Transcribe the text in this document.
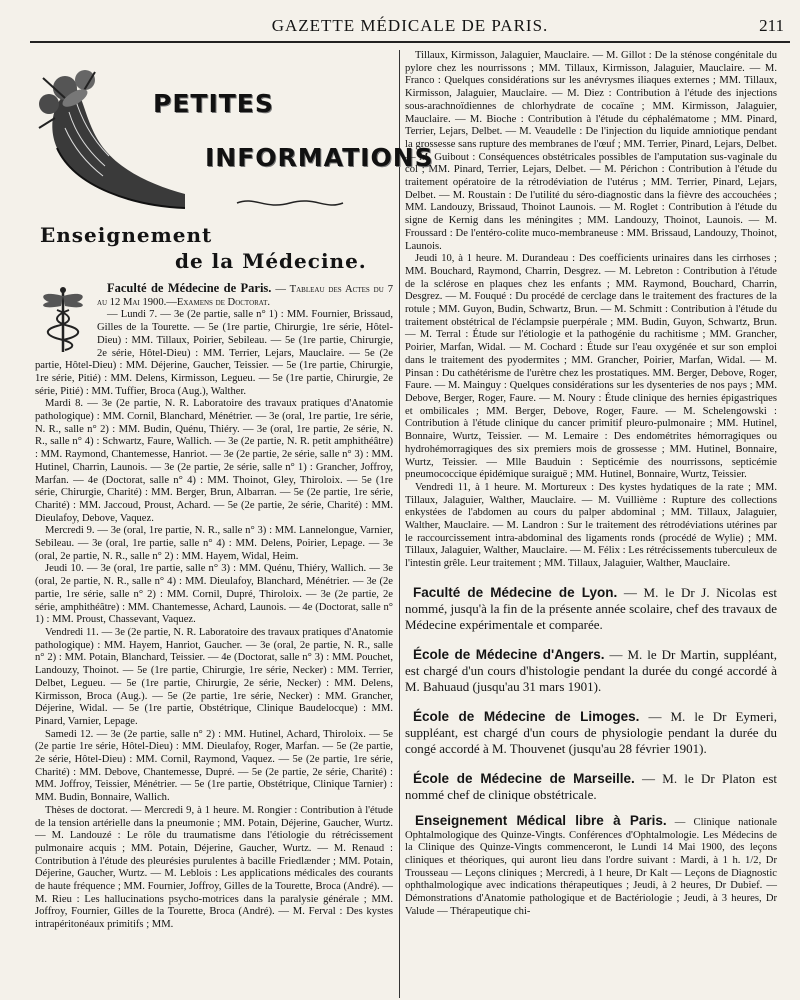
GAZETTE MÉDICALE DE PARIS.	211
PETITES
INFORMATIONS
Enseignement
de la Médecine.

Faculté de Médecine de Paris. — Tableau des Actes du 7 au 12 Mai 1900.—Examens de Doctorat.

— Lundi 7. — 3e (2e partie, salle n° 1) : MM. Fournier, Brissaud, Gilles de la Tourette. — 5e (1re partie, Chirurgie, 1re série, Hôtel-Dieu) : MM. Tillaux, Poirier, Sebileau. — 5e (1re partie, Chirurgie, 2e série, Hôtel-Dieu) : MM. Terrier, Lejars, Mauclaire. — 5e (2e partie, Hôtel-Dieu) : MM. Déjerine, Gaucher, Teissier. — 5e (1re partie, Chirurgie, 1re série, Pitié) : MM. Delens, Kirmisson, Legueu. — 5e (1re partie, Chirurgie, 2e série, Pitié) : MM. Tuffier, Broca (Aug.), Walther.

Mardi 8. — 3e (2e partie, N. R. Laboratoire des travaux pratiques d'Anatomie pathologique) : MM. Cornil, Blanchard, Ménétrier. — 3e (oral, 1re partie, 1re série, N. R., salle n° 2) : MM. Budin, Quénu, Thiéry. — 3e (oral, 1re partie, 2e série, N. R., salle n° 4) : Schwartz, Faure, Wallich. — 3e (2e partie, N. R. petit amphithéâtre) : MM. Raymond, Chantemesse, Hanriot. — 3e (2e partie, 2e série, salle n° 3) : MM. Hutinel, Charrin, Launois. — 3e (2e partie, 2e série, salle n° 1) : Grancher, Joffroy, Marfan. — 4e (Doctorat, salle n° 4) : MM. Thoinot, Gley, Thiroloix. — 5e (1re série, Chirurgie, Charité) : MM. Berger, Brun, Albarran. — 5e (2e partie, 1re série, Charité) : MM. Jaccoud, Proust, Achard. — 5e (2e partie, 2e série, Charité) : MM. Dieulafoy, Debove, Vaquez.

Mercredi 9. — 3e (oral, 1re partie, N. R., salle n° 3) : MM. Lannelongue, Varnier, Sebileau. — 3e (oral, 1re partie, salle n° 4) : MM. Delens, Poirier, Lepage. — 3e (oral, 2e partie, N. R., salle n° 2) : MM. Hayem, Widal, Heim.

Jeudi 10. — 3e (oral, 1re partie, salle n° 3) : MM. Quénu, Thiéry, Wallich. — 3e (oral, 2e partie, N. R., salle n° 4) : MM. Dieulafoy, Blanchard, Ménétrier. — 3e (2e partie, 1re série, salle n° 2) : MM. Cornil, Dupré, Thiroloix. — 3e (2e partie, 2e série, amphithéâtre) : MM. Chantemesse, Achard, Launois. — 4e (Doctorat, salle n° 1) : MM. Proust, Chassevant, Vaquez.

Vendredi 11. — 3e (2e partie, N. R. Laboratoire des travaux pratiques d'Anatomie pathologique) : MM. Hayem, Hanriot, Gaucher. — 3e (oral, 2e partie, N. R., salle n° 2) : MM. Potain, Blanchard, Teissier. — 4e (Doctorat, salle n° 3) : MM. Pouchet, Landouzy, Thoinot. — 5e (1re partie, Chirurgie, 1re série, Necker) : MM. Terrier, Delbet, Legueu. — 5e (1re partie, Chirurgie, 2e série, Necker) : MM. Delens, Kirmisson, Broca (Aug.). — 5e (2e partie, 1re série, Necker) : MM. Grancher, Déjerine, Widal. — 5e (1re partie, Obstétrique, Clinique Baudelocque) : MM. Pinard, Varnier, Lepage.

Samedi 12. — 3e (2e partie, salle n° 2) : MM. Hutinel, Achard, Thiroloix. — 5e (2e partie 1re série, Hôtel-Dieu) : MM. Dieulafoy, Roger, Marfan. — 5e (2e partie, 2e série, Hôtel-Dieu) : MM. Cornil, Raymond, Vaquez. — 5e (2e partie, 1re série, Charité) : MM. Debove, Chantemesse, Dupré. — 5e (2e partie, 2e série, Charité) : MM. Joffroy, Teissier, Ménétrier. — 5e (1re partie, Obstétrique, Clinique Tarnier) : MM. Budin, Bonnaire, Wallich.

Thèses de doctorat. — Mercredi 9, à 1 heure. M. Rongier : Contribution à l'étude de la tension artérielle dans la pneumonie ; MM. Potain, Déjerine, Gaucher, Wurtz. — M. Landouzé : Le rôle du traumatisme dans l'étiologie du rétrécissement pulmonaire acquis ; MM. Potain, Déjerine, Gaucher, Wurtz. — M. Renaud : Contribution à l'étude des pleurésies purulentes à bacille Friedlænder ; MM. Potain, Déjerine, Gaucher, Wurtz. — M. Leblois : Les applications médicales des courants de haute fréquence ; MM. Fournier, Joffroy, Gilles de la Tourette, Broca (André). — M. Rieu : Les hallucinations psycho-motrices dans la paralysie générale ; MM. Joffroy, Fournier, Gilles de la Tourette, Broca (André). — M. Ferval : Des kystes intrapéritonéaux primitifs ; MM.

Tillaux, Kirmisson, Jalaguier, Mauclaire. — M. Gillot : De la sténose congénitale du pylore chez les nourrissons ; MM. Tillaux, Kirmisson, Jalaguier, Mauclaire. — M. Franco : Quelques considérations sur les anévrysmes iliaques externes ; MM. Tillaux, Kirmisson, Jalaguier, Mauclaire. — M. Diez : Contribution à l'étude des injections sous-arachnoïdiennes de chlorhydrate de cocaïne ; MM. Kirmisson, Jalaguier, Mauclaire. — M. Bioche : Contribution à l'étude du céphalématome ; MM. Pinard, Terrier, Lejars, Delbet. — M. Veaudelle : De l'injection du liquide amniotique pendant la grossesse sans rupture des membranes de l'œuf ; MM. Terrier, Pinard, Lejars, Delbet. — M. Guibout : Conséquences obstétricales possibles de l'amputation sus-vaginale du col ; MM. Pinard, Terrier, Lejars, Delbet. — M. Périchon : Contribution à l'étude du traitement opératoire de la rétrodéviation de l'utérus ; MM. Terrier, Pinard, Lejars, Delbet. — M. Roustain : De l'utilité du séro-diagnostic dans la fièvre des accouchées ; MM. Landouzy, Brissaud, Thoinot Launois. — M. Roglet : Contribution à l'étude du signe de Kernig dans les méningites ; MM. Landouzy, Thoinot, Launois. — M. Froussard : De l'entéro-colite muco-membraneuse : MM. Brissaud, Landouzy, Thoinot, Launois.

Jeudi 10, à 1 heure. M. Durandeau : Des coefficients urinaires dans les cirrhoses ; MM. Bouchard, Raymond, Charrin, Desgrez. — M. Lebreton : Contribution à l'étude de la sclérose en plaques chez les enfants ; MM. Raymond, Bouchard, Charrin, Desgrez. — M. Fouqué : Du procédé de cerclage dans le traitement des fractures de la rotule ; MM. Guyon, Budin, Schwartz, Brun. — M. Schmitt : Contribution à l'étude du traitement obstétrical de l'éclampsie puerpérale ; MM. Budin, Guyon, Schwartz, Brun. — M. Terral : Étude sur l'étiologie et la pathogénie du rachitisme ; MM. Grancher, Poirier, Marfan, Widal. — M. Cochard : Étude sur l'eau oxygénée et sur son emploi dans le traitement des pyodermites ; MM. Grancher, Poirier, Marfan, Widal. — M. Pinsan : Du cathétérisme de l'urètre chez les prostatiques. MM. Berger, Debove, Roger, Faure. — M. Mainguy : Quelques considérations sur les dysenteries de nos pays ; MM. Debove, Berger, Roger, Faure. — M. Noury : Étude clinique des hernies épigastriques et ombilicales ; MM. Berger, Debove, Roger, Faure. — M. Schelengowski : Contribution à l'étude clinique du cancer primitif pleuro-pulmonaire ; MM. Hutinel, Bonnaire, Wurtz, Teissier. — M. Lemaire : Des endométrites hémorragiques ou hydrohémorragiques des six premiers mois de grossesse ; MM. Hutinel, Bonnaire, Wurtz, Teissier. — Mlle Bauduin : Septicémie des nourrissons, septicémie pneumococcique épidémique suraiguë ; MM. Hutinel, Bonnaire, Wurtz, Teissier.

Vendredi 11, à 1 heure. M. Mortureux : Des kystes hydatiques de la rate ; MM. Tillaux, Jalaguier, Walther, Mauclaire. — M. Vuillième : Rupture des collections enkystées de l'abdomen au cours du palper abdominal ; MM. Tillaux, Jalaguier, Walther, Mauclaire. — M. Landron : Sur le traitement des rétrodéviations utérines par le raccourcissement intra-abdominal des ligaments ronds (procédé de Wylie) ; MM. Tillaux, Jalaguier, Walther, Mauclaire. — M. Félix : Les rétrécissements tuberculeux de l'intestin grêle. Leur traitement ; MM. Tillaux, Jalaguier, Walther, Mauclaire.

Faculté de Médecine de Lyon. — M. le Dr J. Nicolas est nommé, jusqu'à la fin de la présente année scolaire, chef des travaux de Médecine expérimentale et comparée.

École de Médecine d'Angers. — M. le Dr Martin, suppléant, est chargé d'un cours d'histologie pendant la durée du congé accordé à M. Bahuaud (jusqu'au 31 mars 1901).

École de Médecine de Limoges. — M. le Dr Eymeri, suppléant, est chargé d'un cours de physiologie pendant la durée du congé accordé à M. Thouvenet (jusqu'au 28 février 1901).

École de Médecine de Marseille. — M. le Dr Platon est nommé chef de clinique obstétricale.

Enseignement Médical libre à Paris. — Clinique nationale Ophtalmologique des Quinze-Vingts. Conférences d'Ophtalmologie. Les Médecins de la Clinique des Quinze-Vingts commenceront, le Lundi 14 Mai 1900, des leçons cliniques et théoriques, qui auront lieu dans l'ordre suivant : Mardi, à 1 h. 1/2, Dr Trousseau — Leçons cliniques ; Mercredi, à 1 heure, Dr Kalt — Leçons de Diagnostic ophthalmologique avec indications thérapeutiques ; Jeudi, à 2 heures, Dr Dubief. — Démonstrations d'Anatomie pathologique et de Bactériologie ; Jeudi, à 3 heures, Dr Valude — Thérapeutique chi-
